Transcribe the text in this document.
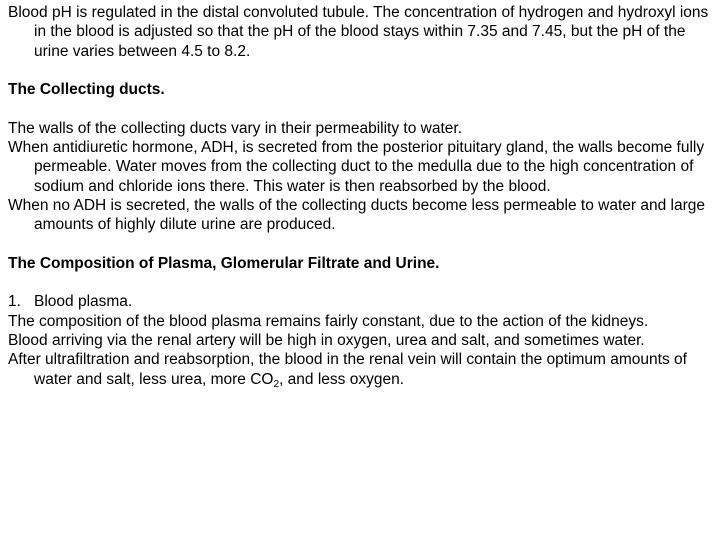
Blood pH is regulated in the distal convoluted tubule. The concentration of hydrogen and hydroxyl ions in the blood is adjusted so that the pH of the blood stays within 7.35 and 7.45, but the pH of the urine varies between 4.5 to 8.2.

The Collecting ducts.

The walls of the collecting ducts vary in their permeability to water.

When antidiuretic hormone, ADH, is secreted from the posterior pituitary gland, the walls become fully permeable. Water moves from the collecting duct to the medulla due to the high concentration of sodium and chloride ions there. This water is then reabsorbed by the blood.

When no ADH is secreted, the walls of the collecting ducts become less permeable to water and large amounts of highly dilute urine are produced.

The Composition of Plasma, Glomerular Filtrate and Urine.

1. Blood plasma.

The composition of the blood plasma remains fairly constant, due to the action of the kidneys.

Blood arriving via the renal artery will be high in oxygen, urea and salt, and sometimes water.

After ultrafiltration and reabsorption, the blood in the renal vein will contain the optimum amounts of water and salt, less urea, more $CO_2$, and less oxygen.
